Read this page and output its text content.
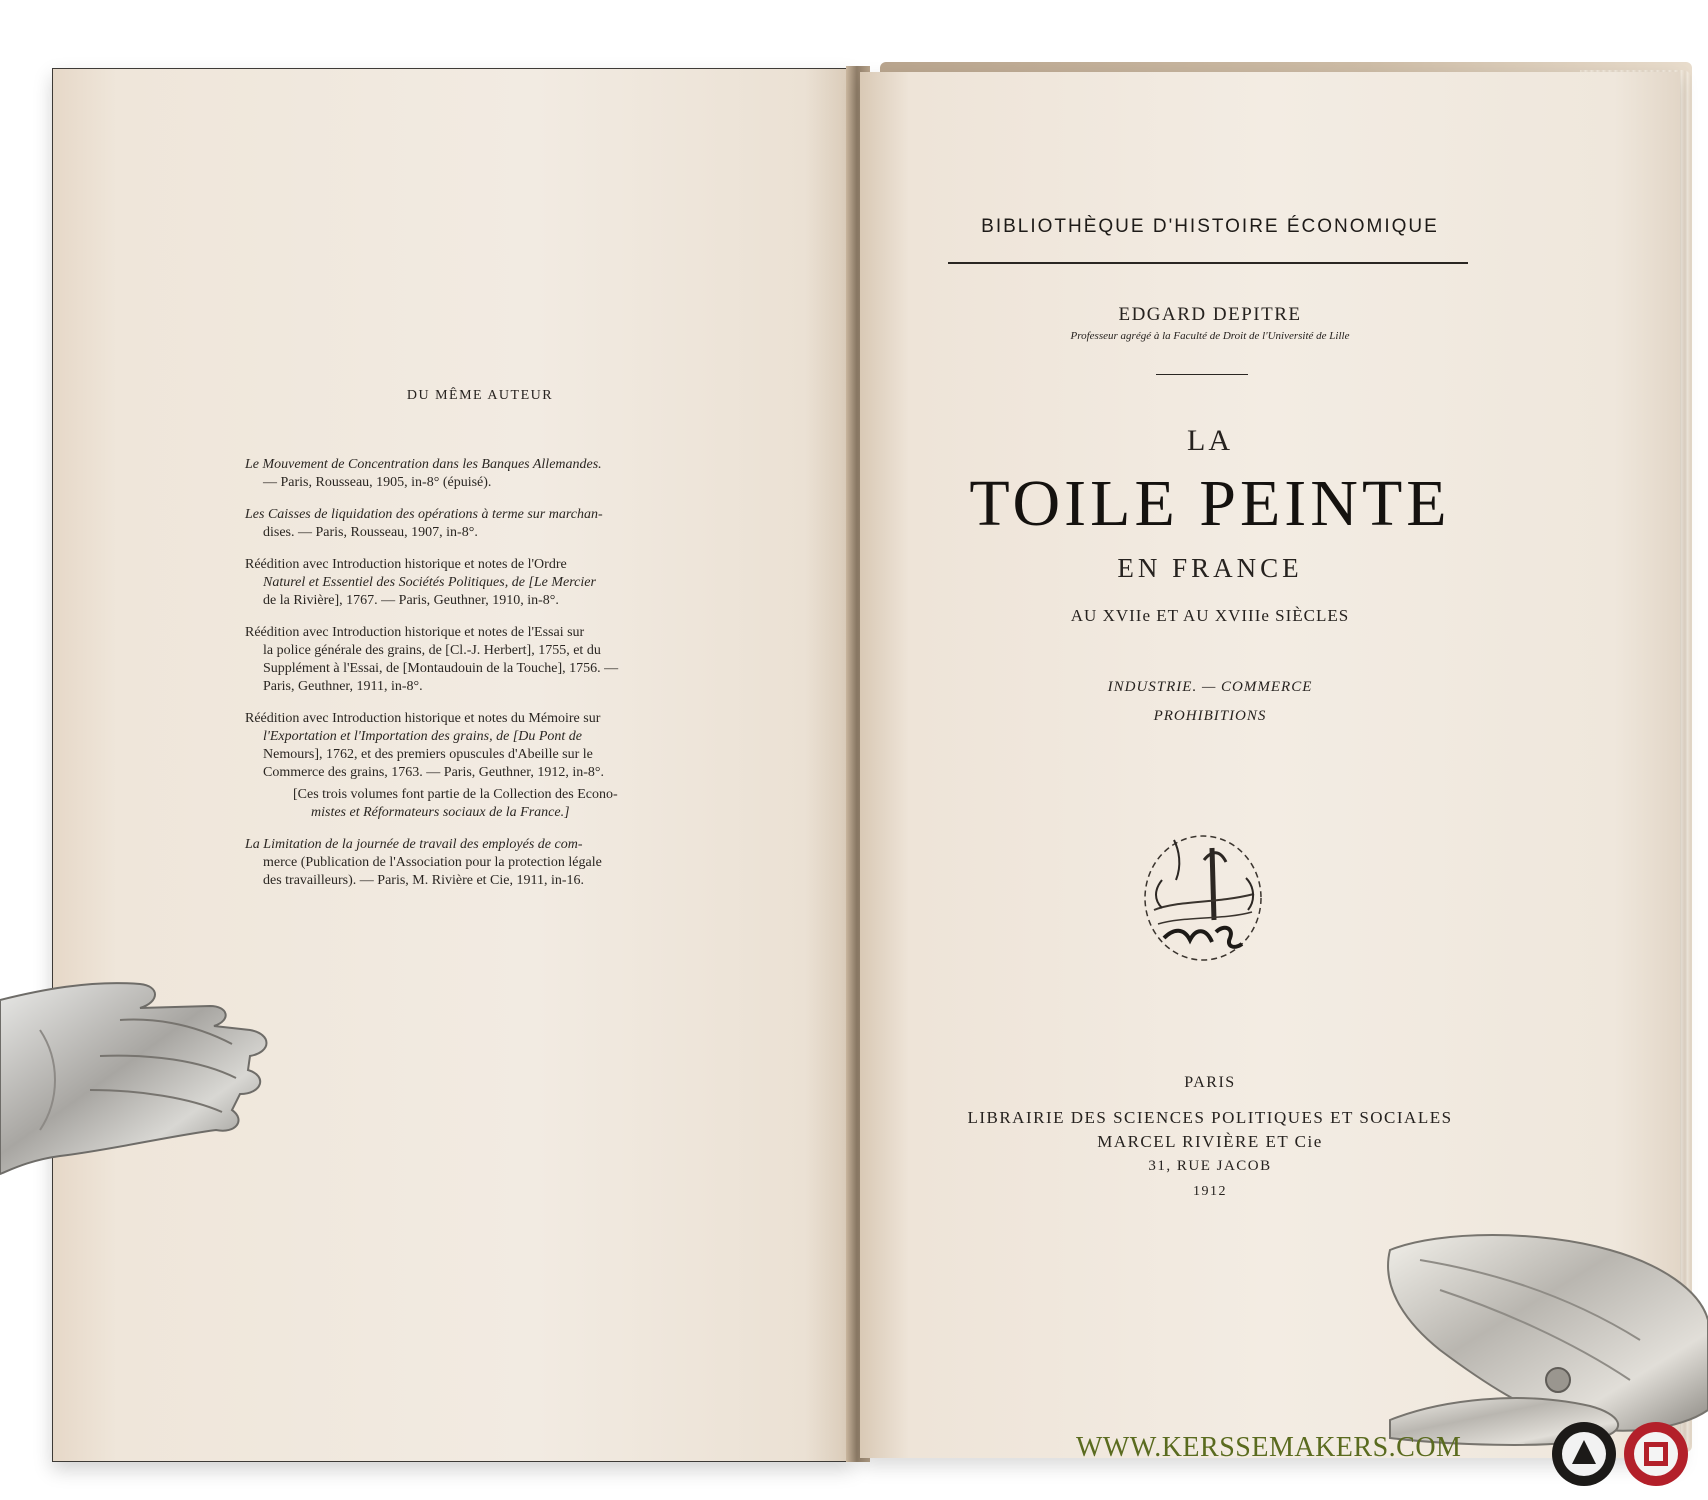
DU MÊME AUTEUR

Le Mouvement de Concentration dans les Banques Allemandes.

— Paris, Rousseau, 1905, in-8° (épuisé).

Les Caisses de liquidation des opérations à terme sur marchan-

dises. — Paris, Rousseau, 1907, in-8°.

Réédition avec Introduction historique et notes de l'Ordre

Naturel et Essentiel des Sociétés Politiques, de [Le Mercier

de la Rivière], 1767. — Paris, Geuthner, 1910, in-8°.

Réédition avec Introduction historique et notes de l'Essai sur

la police générale des grains, de [Cl.-J. Herbert], 1755, et du

Supplément à l'Essai, de [Montaudouin de la Touche], 1756. —

Paris, Geuthner, 1911, in-8°.

Réédition avec Introduction historique et notes du Mémoire sur

l'Exportation et l'Importation des grains, de [Du Pont de

Nemours], 1762, et des premiers opuscules d'Abeille sur le

Commerce des grains, 1763. — Paris, Geuthner, 1912, in-8°.

[Ces trois volumes font partie de la Collection des Econo-

mistes et Réformateurs sociaux de la France.]

La Limitation de la journée de travail des employés de com-

merce (Publication de l'Association pour la protection légale

des travailleurs). — Paris, M. Rivière et Cie, 1911, in-16.

BIBLIOTHÈQUE D'HISTOIRE ÉCONOMIQUE
EDGARD DEPITRE
Professeur agrégé à la Faculté de Droit de l'Université de Lille
LA
TOILE PEINTE
EN FRANCE
AU XVIIe ET AU XVIIIe SIÈCLES
INDUSTRIE. — COMMERCE
PROHIBITIONS
PARIS
LIBRAIRIE DES SCIENCES POLITIQUES ET SOCIALES
MARCEL RIVIÈRE ET Cie
31, RUE JACOB
1912
WWW.KERSSEMAKERS.COM
